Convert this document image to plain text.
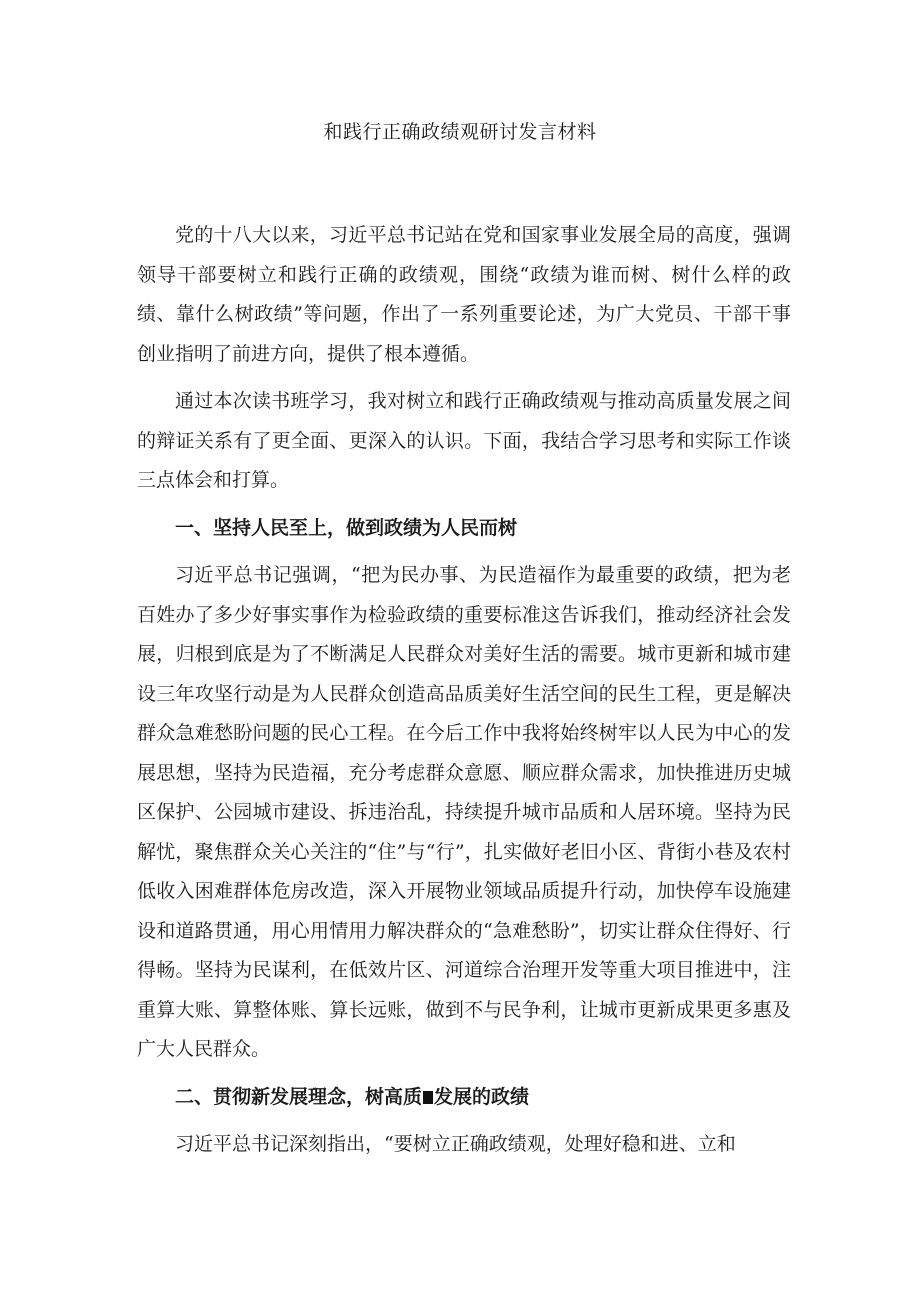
和践行正确政绩观研讨发言材料

党的十八大以来，习近平总书记站在党和国家事业发展全局的高度，强调领导干部要树立和践行正确的政绩观，围绕“政绩为谁而树、树什么样的政绩、靠什么树政绩”等问题，作出了一系列重要论述，为广大党员、干部干事创业指明了前进方向，提供了根本遵循。

通过本次读书班学习，我对树立和践行正确政绩观与推动高质量发展之间的辩证关系有了更全面、更深入的认识。下面，我结合学习思考和实际工作谈三点体会和打算。

一、坚持人民至上，做到政绩为人民而树

习近平总书记强调，“把为民办事、为民造福作为最重要的政绩，把为老百姓办了多少好事实事作为检验政绩的重要标准这告诉我们，推动经济社会发展，归根到底是为了不断满足人民群众对美好生活的需要。城市更新和城市建设三年攻坚行动是为人民群众创造高品质美好生活空间的民生工程，更是解决群众急难愁盼问题的民心工程。在今后工作中我将始终树牢以人民为中心的发展思想，坚持为民造福，充分考虑群众意愿、顺应群众需求，加快推进历史城区保护、公园城市建设、拆违治乱，持续提升城市品质和人居环境。坚持为民解忧，聚焦群众关心关注的“住”与“行”，扎实做好老旧小区、背街小巷及农村低收入困难群体危房改造，深入开展物业领域品质提升行动，加快停车设施建设和道路贯通，用心用情用力解决群众的“急难愁盼”，切实让群众住得好、行得畅。坚持为民谋利，在低效片区、河道综合治理开发等重大项目推进中，注重算大账、算整体账、算长远账，做到不与民争利，让城市更新成果更多惠及广大人民群众。

二、贯彻新发展理念，树高质 发展的政绩

习近平总书记深刻指出，“要树立正确政绩观，处理好稳和进、立和
